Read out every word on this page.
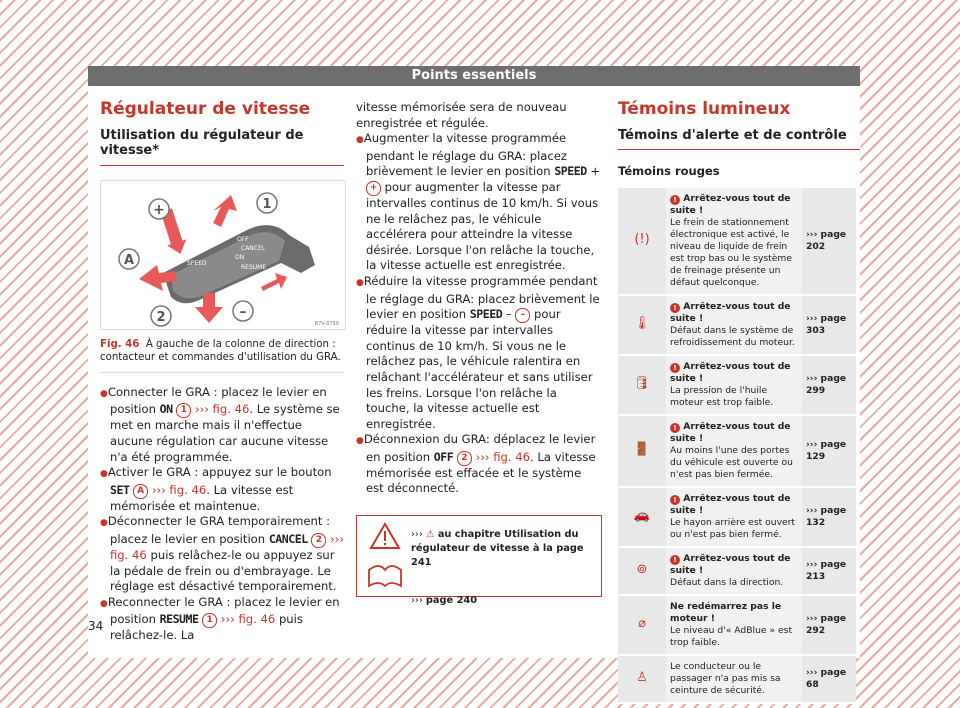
Points essentiels
Régulateur de vitesse
Utilisation du régulateur de vitesse*
OFF
CANCEL
ON
SPEED
RESUME
+	1
A
2	–
B7V-0759
Fig. 46 À gauche de la colonne de direction : contacteur et commandes d'utilisation du GRA.

● Connecter le GRA : placez le levier en position ON 1 ››› fig. 46. Le système se met en marche mais il n'effectue aucune régulation car aucune vitesse n'a été programmée.

● Activer le GRA : appuyez sur le bouton SET A ››› fig. 46. La vitesse est mémorisée et maintenue.

● Déconnecter le GRA temporairement : placez le levier en position CANCEL 2 ››› fig. 46 puis relâchez-le ou appuyez sur la pédale de frein ou d'embrayage. Le réglage est désactivé temporairement.

● Reconnecter le GRA : placez le levier en position RESUME 1 ››› fig. 46 puis relâchez-le. La

vitesse mémorisée sera de nouveau enregistrée et régulée.

● Augmenter la vitesse programmée pendant le réglage du GRA: placez brièvement le levier en position SPEED + + pour augmenter la vitesse par intervalles continus de 10 km/h. Si vous ne le relâchez pas, le véhicule accélérera pour atteindre la vitesse désirée. Lorsque l'on relâche la touche, la vitesse actuelle est enregistrée.

● Réduire la vitesse programmée pendant le réglage du GRA: placez brièvement le levier en position SPEED – – pour réduire la vitesse par intervalles continus de 10 km/h. Si vous ne le relâchez pas, le véhicule ralentira en relâchant l'accélérateur et sans utiliser les freins. Lorsque l'on relâche la touche, la vitesse actuelle est enregistrée.

● Déconnexion du GRA: déplacez le levier en position OFF 2 ››› fig. 46. La vitesse mémorisée est effacée et le système est déconnecté.

››› ⚠ au chapitre Utilisation du régulateur de vitesse à la page 241
››› page 240
Témoins lumineux
Témoins d'alerte et de contrôle
Témoins rouges
(!)	! Arrêtez-vous tout de suite !
Le frein de stationnement électronique est activé, le niveau de liquide de frein est trop bas ou le système de freinage présente un défaut quelconque.	››› page 202
🌡	! Arrêtez-vous tout de suite !
Défaut dans le système de refroidissement du moteur.	››› page 303
🛢	! Arrêtez-vous tout de suite !
La pression de l'huile moteur est trop faible.	››› page 299
🚪	! Arrêtez-vous tout de suite !
Au moins l'une des portes du véhicule est ouverte ou n'est pas bien fermée.	››› page 129
🚗	! Arrêtez-vous tout de suite !
Le hayon arrière est ouvert ou n'est pas bien fermé.	››› page 132
⊚	! Arrêtez-vous tout de suite !
Défaut dans la direction.	››› page 213
⌀	Ne redémarrez pas le moteur !
Le niveau d'« AdBlue » est trop faible.	››› page 292
♙	Le conducteur ou le passager n'a pas mis sa ceinture de sécurité.	››› page 68
34
